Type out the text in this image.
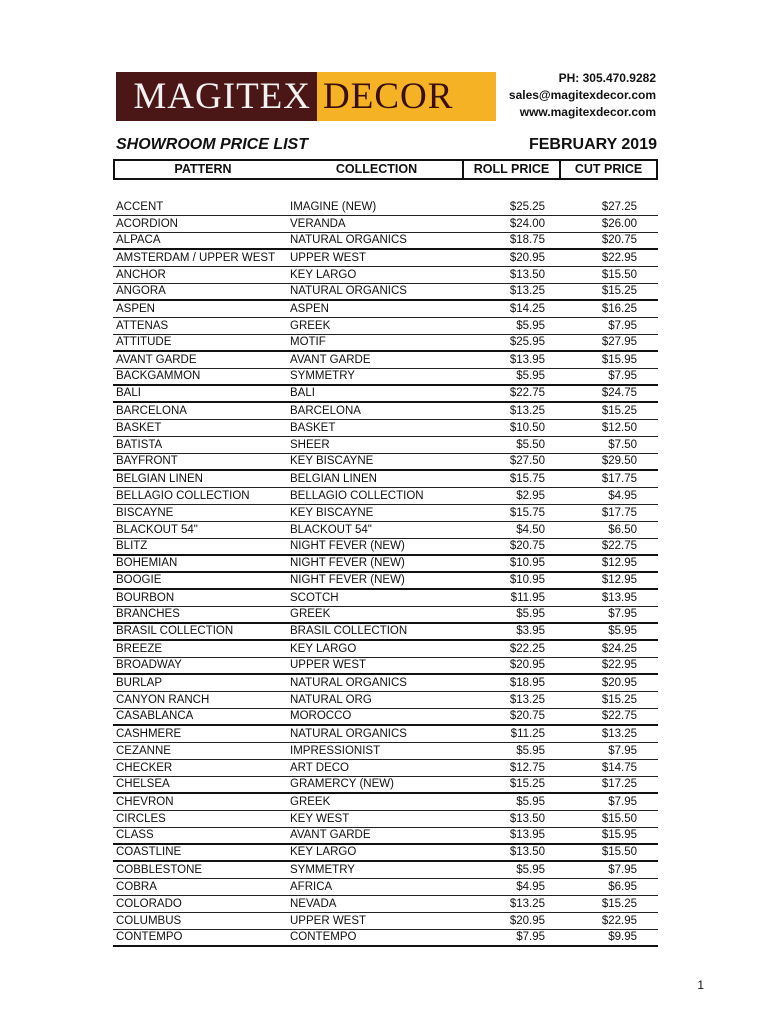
MAGITEX DECOR	PH: 305.470.9282
sales@magitexdecor.com
www.magitexdecor.com
SHOWROOM PRICE LIST	FEBRUARY 2019
PATTERN	COLLECTION	ROLL PRICE	CUT PRICE
ACCENT	IMAGINE (NEW)	$25.25	$27.25
ACORDION	VERANDA	$24.00	$26.00
ALPACA	NATURAL ORGANICS	$18.75	$20.75
AMSTERDAM / UPPER WEST	UPPER WEST	$20.95	$22.95
ANCHOR	KEY LARGO	$13.50	$15.50
ANGORA	NATURAL ORGANICS	$13.25	$15.25
ASPEN	ASPEN	$14.25	$16.25
ATTENAS	GREEK	$5.95	$7.95
ATTITUDE	MOTIF	$25.95	$27.95
AVANT GARDE	AVANT GARDE	$13.95	$15.95
BACKGAMMON	SYMMETRY	$5.95	$7.95
BALI	BALI	$22.75	$24.75
BARCELONA	BARCELONA	$13.25	$15.25
BASKET	BASKET	$10.50	$12.50
BATISTA	SHEER	$5.50	$7.50
BAYFRONT	KEY BISCAYNE	$27.50	$29.50
BELGIAN LINEN	BELGIAN LINEN	$15.75	$17.75
BELLAGIO COLLECTION	BELLAGIO COLLECTION	$2.95	$4.95
BISCAYNE	KEY BISCAYNE	$15.75	$17.75
BLACKOUT 54"	BLACKOUT 54"	$4.50	$6.50
BLITZ	NIGHT FEVER (NEW)	$20.75	$22.75
BOHEMIAN	NIGHT FEVER (NEW)	$10.95	$12.95
BOOGIE	NIGHT FEVER (NEW)	$10.95	$12.95
BOURBON	SCOTCH	$11.95	$13.95
BRANCHES	GREEK	$5.95	$7.95
BRASIL COLLECTION	BRASIL COLLECTION	$3.95	$5.95
BREEZE	KEY LARGO	$22.25	$24.25
BROADWAY	UPPER WEST	$20.95	$22.95
BURLAP	NATURAL ORGANICS	$18.95	$20.95
CANYON RANCH	NATURAL ORG	$13.25	$15.25
CASABLANCA	MOROCCO	$20.75	$22.75
CASHMERE	NATURAL ORGANICS	$11.25	$13.25
CEZANNE	IMPRESSIONIST	$5.95	$7.95
CHECKER	ART DECO	$12.75	$14.75
CHELSEA	GRAMERCY (NEW)	$15.25	$17.25
CHEVRON	GREEK	$5.95	$7.95
CIRCLES	KEY WEST	$13.50	$15.50
CLASS	AVANT GARDE	$13.95	$15.95
COASTLINE	KEY LARGO	$13.50	$15.50
COBBLESTONE	SYMMETRY	$5.95	$7.95
COBRA	AFRICA	$4.95	$6.95
COLORADO	NEVADA	$13.25	$15.25
COLUMBUS	UPPER WEST	$20.95	$22.95
CONTEMPO	CONTEMPO	$7.95	$9.95
1
